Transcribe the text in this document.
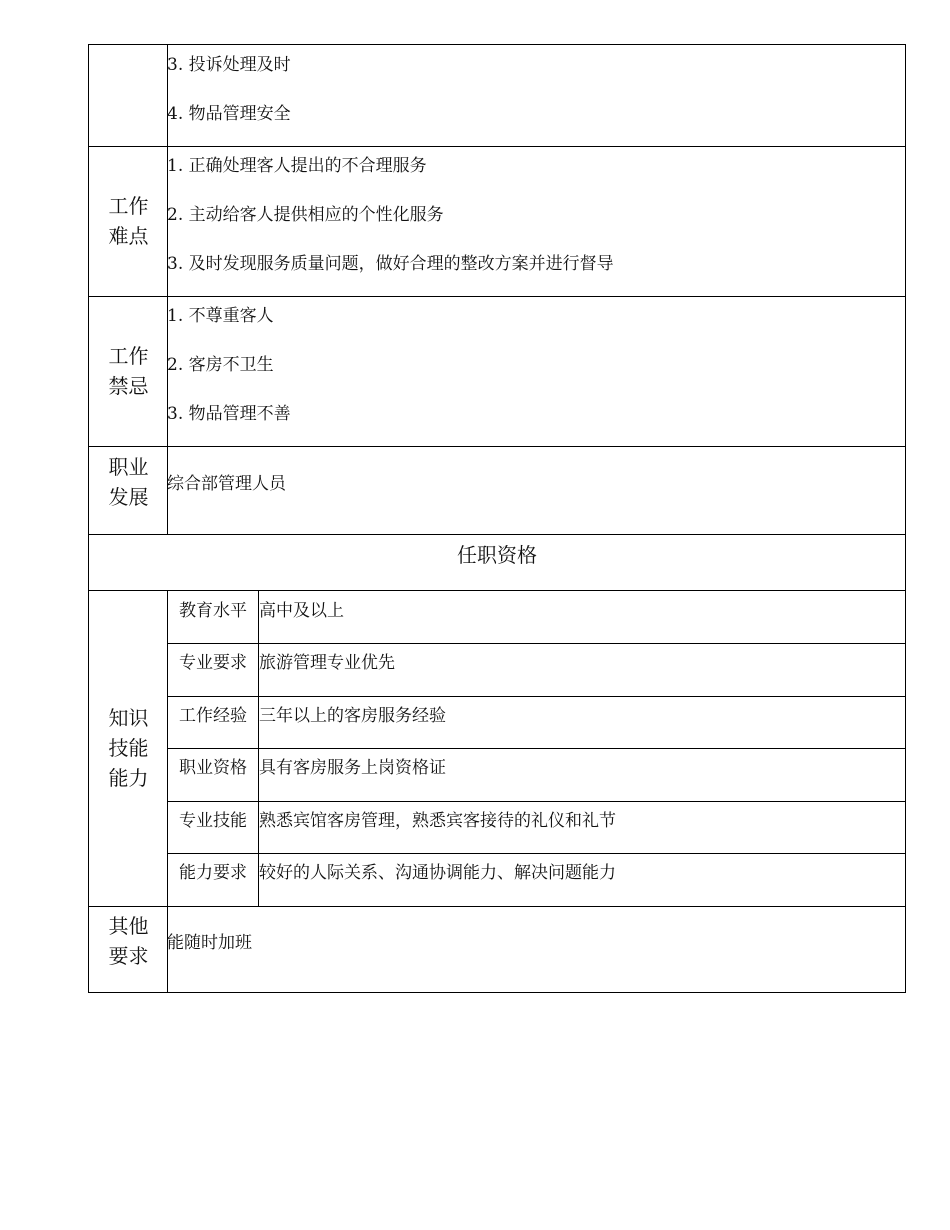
3. 投诉处理及时
4. 物品管理安全
工作难点
1. 正确处理客人提出的不合理服务
2. 主动给客人提供相应的个性化服务
3. 及时发现服务质量问题，做好合理的整改方案并进行督导
工作禁忌
1. 不尊重客人
2. 客房不卫生
3. 物品管理不善
职业发展
综合部管理人员
任职资格
知识技能能力
教育水平 高中及以上
专业要求 旅游管理专业优先
工作经验 三年以上的客房服务经验
职业资格 具有客房服务上岗资格证
专业技能 熟悉宾馆客房管理，熟悉宾客接待的礼仪和礼节
能力要求 较好的人际关系、沟通协调能力、解决问题能力
其他要求
能随时加班
